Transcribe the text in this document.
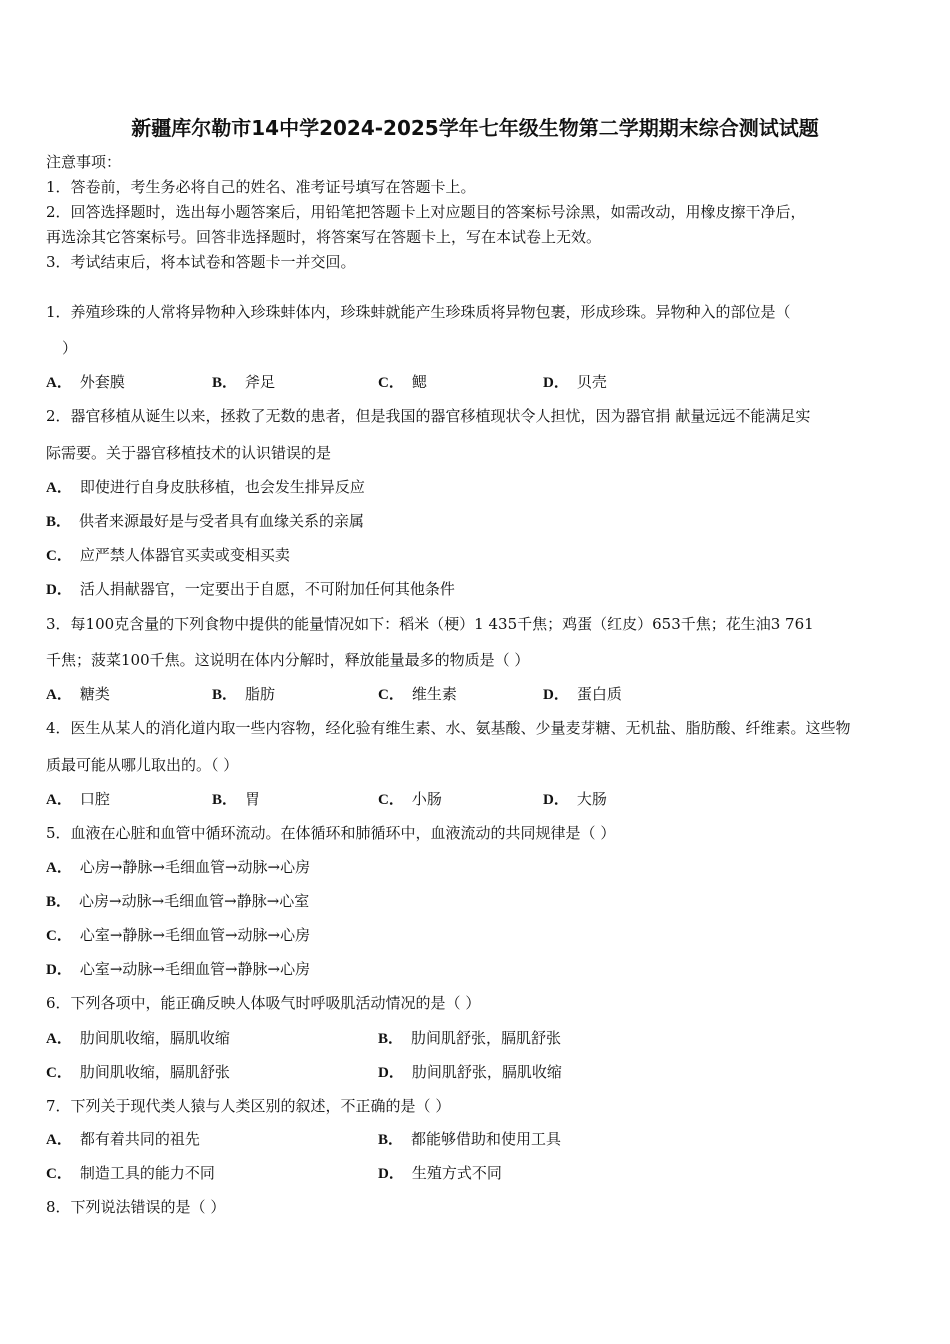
新疆库尔勒市14中学2024-2025学年七年级生物第二学期期末综合测试试题
注意事项：
1．答卷前，考生务必将自己的姓名、准考证号填写在答题卡上。
2．回答选择题时，选出每小题答案后，用铅笔把答题卡上对应题目的答案标号涂黑，如需改动，用橡皮擦干净后，
再选涂其它答案标号。回答非选择题时，将答案写在答题卡上，写在本试卷上无效。
3．考试结束后，将本试卷和答题卡一并交回。
1．养殖珍珠的人常将异物种入珍珠蚌体内，珍珠蚌就能产生珍珠质将异物包裹，形成珍珠。异物种入的部位是（
）
A． 外套膜	B． 斧足	C． 鳃	D． 贝壳
2．器官移植从诞生以来，拯救了无数的患者，但是我国的器官移植现状令人担忧，因为器官捐 献量远远不能满足实
际需要。关于器官移植技术的认识错误的是
A． 即使进行自身皮肤移植，也会发生排异反应
B． 供者来源最好是与受者具有血缘关系的亲属
C． 应严禁人体器官买卖或变相买卖
D． 活人捐献器官，一定要出于自愿，不可附加任何其他条件
3．每100克含量的下列食物中提供的能量情况如下：稻米（梗）1 435千焦；鸡蛋（红皮）653千焦；花生油3 761
千焦；菠菜100千焦。这说明在体内分解时，释放能量最多的物质是（ ）
A． 糖类	B． 脂肪	C． 维生素	D． 蛋白质
4．医生从某人的消化道内取一些内容物，经化验有维生素、水、氨基酸、少量麦芽糖、无机盐、脂肪酸、纤维素。这些物
质最可能从哪儿取出的。（ ）
A． 口腔	B． 胃	C． 小肠	D． 大肠
5．血液在心脏和血管中循环流动。在体循环和肺循环中，血液流动的共同规律是（ ）
A． 心房→静脉→毛细血管→动脉→心房
B． 心房→动脉→毛细血管→静脉→心室
C． 心室→静脉→毛细血管→动脉→心房
D． 心室→动脉→毛细血管→静脉→心房
6．下列各项中，能正确反映人体吸气时呼吸肌活动情况的是（ ）
A． 肋间肌收缩，膈肌收缩	B． 肋间肌舒张，膈肌舒张
C． 肋间肌收缩，膈肌舒张	D． 肋间肌舒张，膈肌收缩
7．下列关于现代类人猿与人类区别的叙述，不正确的是（ ）
A． 都有着共同的祖先	B． 都能够借助和使用工具
C． 制造工具的能力不同	D． 生殖方式不同
8．下列说法错误的是（ ）
